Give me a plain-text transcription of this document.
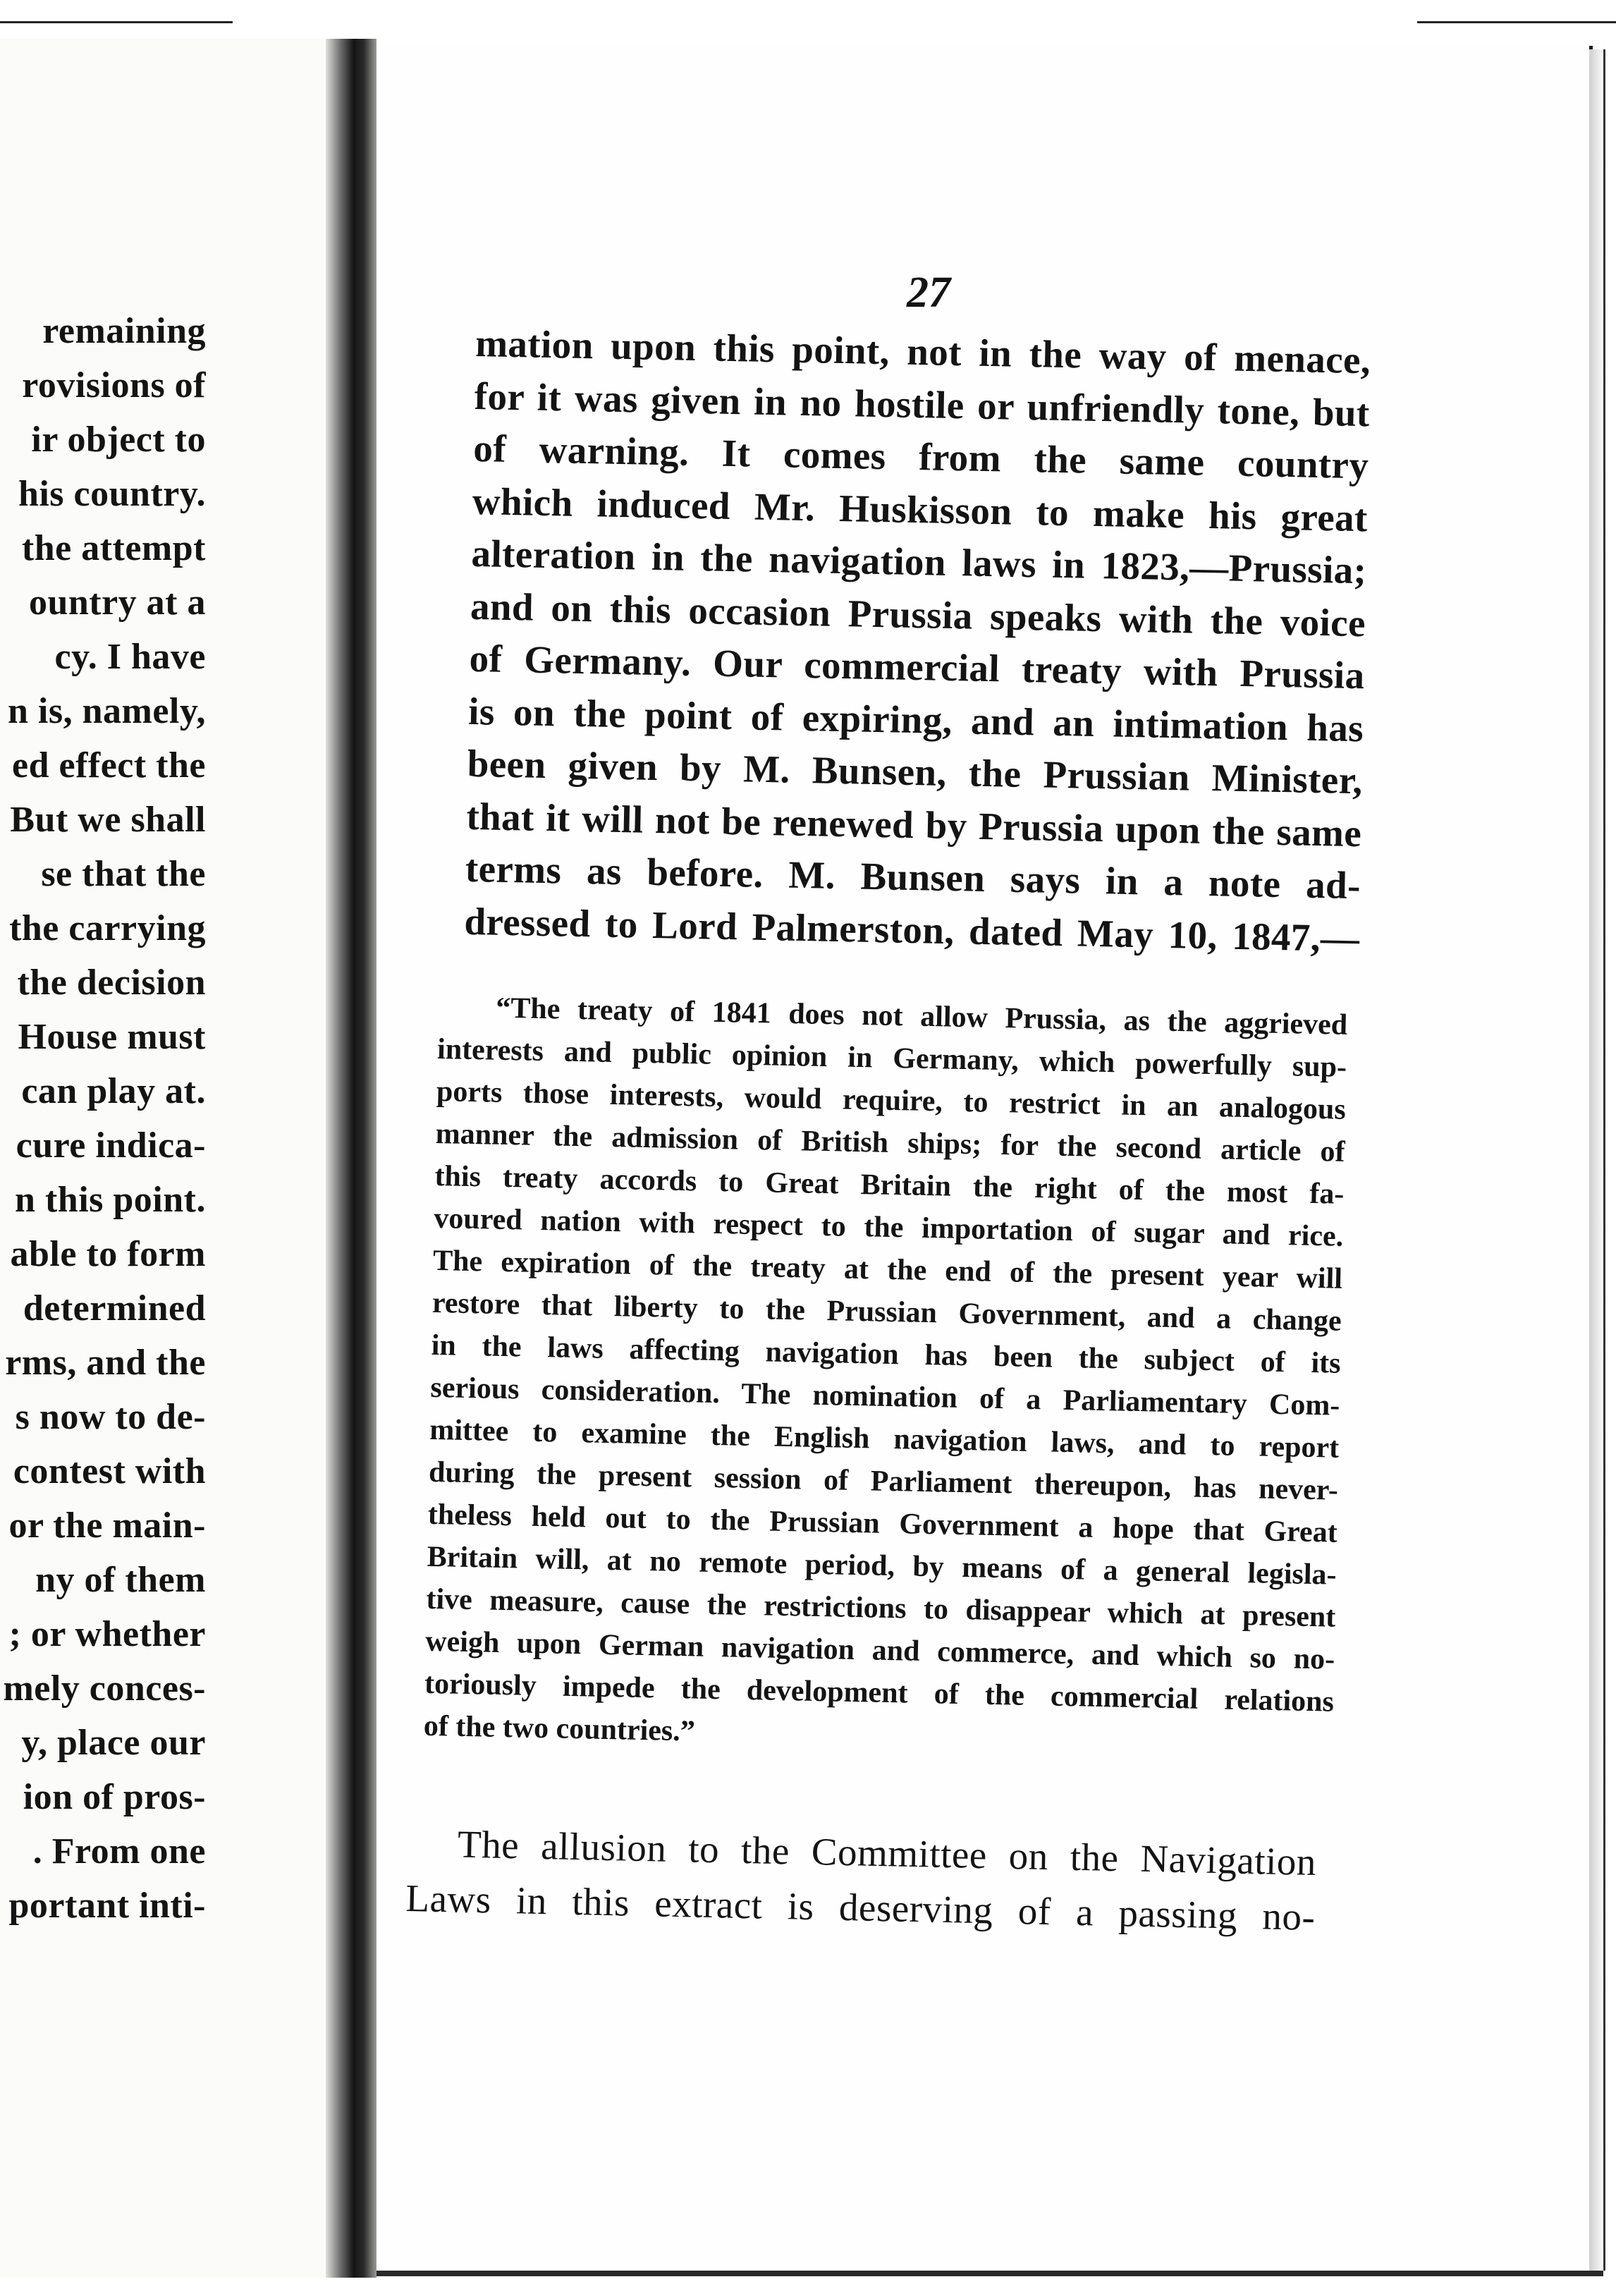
remaining
rovisions of
ir object to
his country.
the attempt
ountry at a
cy. I have
n is, namely,
ed effect the
But we shall
se that the
the carrying
the decision
House must
can play at.
cure indica-
n this point.
able to form
determined
rms, and the
s now to de-
contest with
or the main-
ny of them
; or whether
mely conces-
y, place our
ion of pros-
. From one
portant inti-
27
mation upon this point, not in the way of menace,
for it was given in no hostile or unfriendly tone, but
of warning. It comes from the same country
which induced Mr. Huskisson to make his great
alteration in the navigation laws in 1823,—Prussia;
and on this occasion Prussia speaks with the voice
of Germany. Our commercial treaty with Prussia
is on the point of expiring, and an intimation has
been given by M. Bunsen, the Prussian Minister,
that it will not be renewed by Prussia upon the same
terms as before. M. Bunsen says in a note ad-
dressed to Lord Palmerston, dated May 10, 1847,—
“The treaty of 1841 does not allow Prussia, as the aggrieved
interests and public opinion in Germany, which powerfully sup-
ports those interests, would require, to restrict in an analogous
manner the admission of British ships; for the second article of
this treaty accords to Great Britain the right of the most fa-
voured nation with respect to the importation of sugar and rice.
The expiration of the treaty at the end of the present year will
restore that liberty to the Prussian Government, and a change
in the laws affecting navigation has been the subject of its
serious consideration. The nomination of a Parliamentary Com-
mittee to examine the English navigation laws, and to report
during the present session of Parliament thereupon, has never-
theless held out to the Prussian Government a hope that Great
Britain will, at no remote period, by means of a general legisla-
tive measure, cause the restrictions to disappear which at present
weigh upon German navigation and commerce, and which so no-
toriously impede the development of the commercial relations
of the two countries.”
The allusion to the Committee on the Navigation
Laws in this extract is deserving of a passing no-
